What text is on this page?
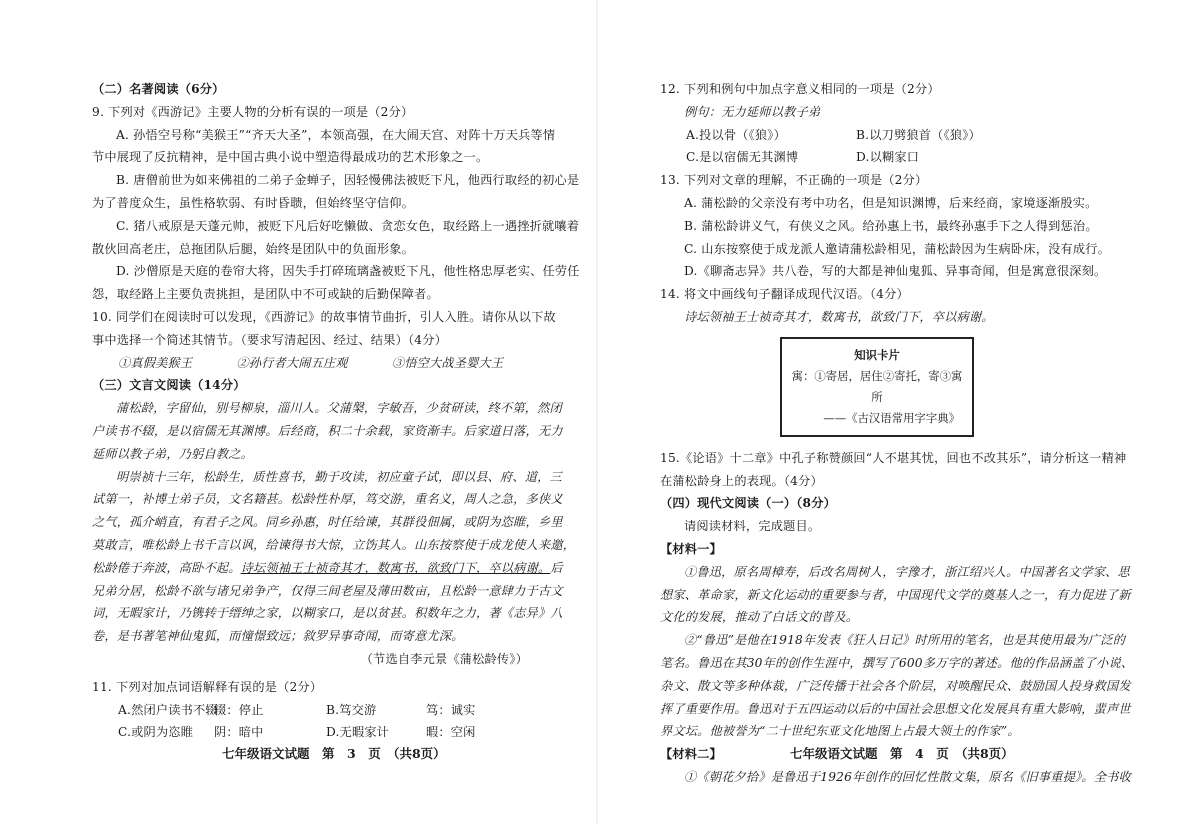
（二）名著阅读（6分）

9. 下列对《西游记》主要人物的分析有误的一项是（2分）

A. 孙悟空号称“美猴王”“齐天大圣”，本领高强，在大闹天宫、对阵十万天兵等情

节中展现了反抗精神，是中国古典小说中塑造得最成功的艺术形象之一。

B. 唐僧前世为如来佛祖的二弟子金蝉子，因轻慢佛法被贬下凡，他西行取经的初心是

为了普度众生，虽性格软弱、有时昏聩，但始终坚守信仰。

C. 猪八戒原是天蓬元帅，被贬下凡后好吃懒做、贪恋女色，取经路上一遇挫折就嚷着

散伙回高老庄，总拖团队后腿，始终是团队中的负面形象。

D. 沙僧原是天庭的卷帘大将，因失手打碎琉璃盏被贬下凡，他性格忠厚老实、任劳任

怨，取经路上主要负责挑担，是团队中不可或缺的后勤保障者。

10. 同学们在阅读时可以发现，《西游记》的故事情节曲折，引人入胜。请你从以下故

事中选择一个简述其情节。（要求写清起因、经过、结果）（4分）

①真假美猴王	②孙行者大闹五庄观	③悟空大战圣婴大王

（三）文言文阅读（14分）

蒲松龄，字留仙，别号柳泉，淄川人。父蒲槃，字敏吾，少贫研读，终不第，然闭

户读书不辍，是以宿儒无其渊博。后经商，积二十余载，家资渐丰。后家道日落，无力

延师以教子弟，乃躬自教之。

明崇祯十三年，松龄生，质性喜书，勤于攻读，初应童子试，即以县、府、道，三

试第一，补博士弟子员，文名籍甚。松龄性朴厚，笃交游，重名义，周人之急，多侠义

之气，孤介峭直，有君子之风。同乡孙惠，时任给谏，其群役佃属，或阴为恣睢，乡里

莫敢言，唯松龄上书千言以讽，给谏得书大惊，立饬其人。山东按察使于成龙使人来邀，

松龄倦于奔波，高卧不起。诗坛领袖王士祯奇其才，数寓书，欲致门下，卒以病谢。后

兄弟分居，松龄不欲与诸兄弟争产，仅得三间老屋及薄田数亩，且松龄一意肆力于古文

词，无暇家计，乃镌转于缙绅之家，以糊家口，是以贫甚。积数年之力，著《志异》八

卷，是书著笔神仙鬼狐，而憧憬致远；敘罗异事奇闻，而寄意尤深。

（节选自李元景《蒲松龄传》）

11. 下列对加点词语解释有误的是（2分）

A.然闭户读书不辍
辍：停止	B.笃交游	笃：诚实
C.或阴为恣睢	阴：暗中	D.无暇家计	暇：空闲
七年级语文试题　第　3　页　（共8页）

12. 下列和例句中加点字意义相同的一项是（2分）

例句：无力延师以教子弟

A.投以骨（《狼》）	B.以刀劈狼首（《狼》）
C.是以宿儒无其渊博	D.以糊家口

13. 下列对文章的理解，不正确的一项是（2分）

A. 蒲松龄的父亲没有考中功名，但是知识渊博，后来经商，家境逐渐殷实。

B. 蒲松龄讲义气，有侠义之风。给孙惠上书，最终孙惠手下之人得到惩治。

C. 山东按察使于成龙派人邀请蒲松龄相见，蒲松龄因为生病卧床，没有成行。

D.《聊斋志异》共八卷，写的大都是神仙鬼狐、异事奇闻，但是寓意很深刻。

14. 将文中画线句子翻译成现代汉语。（4分）

诗坛领袖王士祯奇其才，数寓书，欲致门下，卒以病谢。

知识卡片
寓：①寄居，居住②寄托，寄③寓所
——《古汉语常用字字典》

15.《论语》十二章》中孔子称赞颜回“人不堪其忧，回也不改其乐”，请分析这一精神

在蒲松龄身上的表现。（4分）

（四）现代文阅读（一）（8分）

请阅读材料，完成题目。

【材料一】

①鲁迅，原名周樟寿，后改名周树人，字豫才，浙江绍兴人。中国著名文学家、思

想家、革命家，新文化运动的重要参与者，中国现代文学的奠基人之一，有力促进了新

文化的发展，推动了白话文的普及。

②“鲁迅”是他在1918年发表《狂人日记》时所用的笔名，也是其使用最为广泛的

笔名。鲁迅在其30年的创作生涯中，撰写了600多万字的著述。他的作品涵盖了小说、

杂文、散文等多种体裁，广泛传播于社会各个阶层，对唤醒民众、鼓励国人投身救国发

挥了重要作用。鲁迅对于五四运动以后的中国社会思想文化发展具有重大影响，蜚声世

界文坛。他被誉为“二十世纪东亚文化地图上占最大领土的作家”。

【材料二】

①《朝花夕拾》是鲁迅于1926年创作的回忆性散文集，原名《旧事重提》。全书收

七年级语文试题　第　4　页　（共8页）
